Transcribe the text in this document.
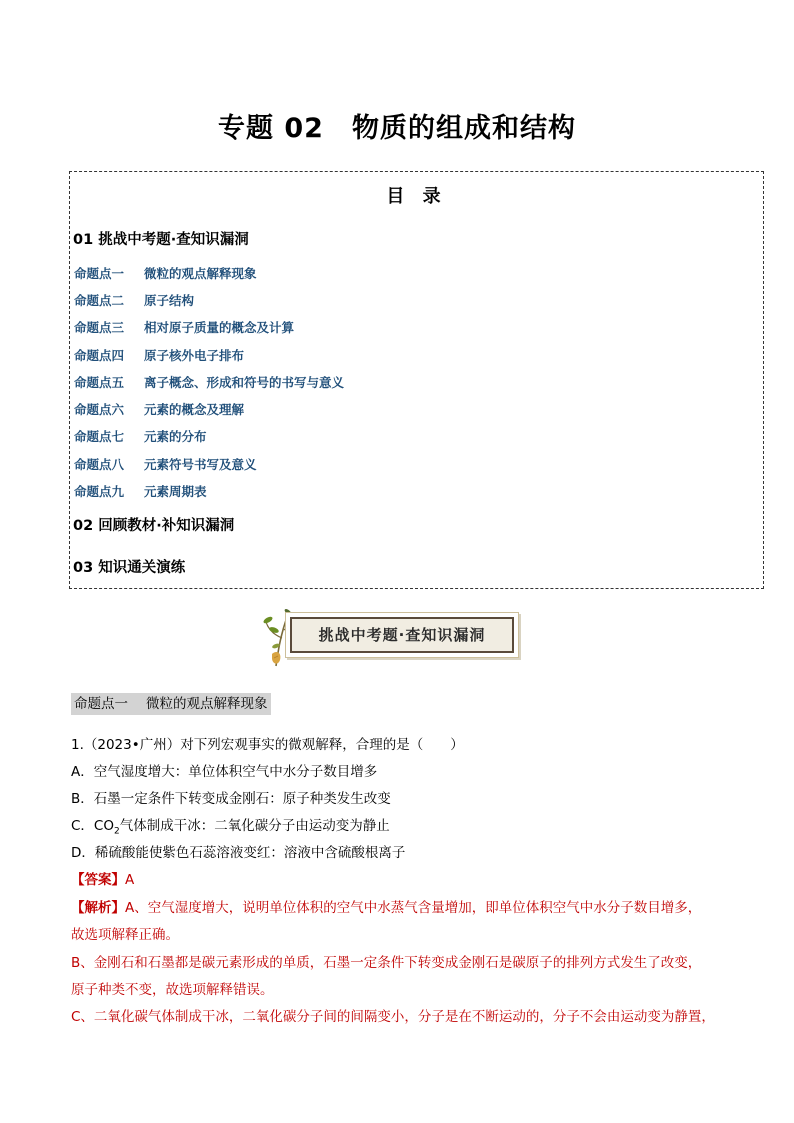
专题 02　物质的组成和结构
目 录
01 挑战中考题·查知识漏洞
命题点一 微粒的观点解释现象
命题点二 原子结构
命题点三 相对原子质量的概念及计算
命题点四 原子核外电子排布
命题点五 离子概念、形成和符号的书写与意义
命题点六 元素的概念及理解
命题点七 元素的分布
命题点八 元素符号书写及意义
命题点九 元素周期表
02 回顾教材·补知识漏洞
03 知识通关演练
挑战中考题·查知识漏洞
命题点一 微粒的观点解释现象
1.（2023•广州）对下列宏观事实的微观解释，合理的是（　　）
A．空气湿度增大：单位体积空气中水分子数目增多
B．石墨一定条件下转变成金刚石：原子种类发生改变
C．$CO_2$气体制成干冰：二氧化碳分子由运动变为静止
D．稀硫酸能使紫色石蕊溶液变红：溶液中含硫酸根离子
【答案】A
【解析】A、空气湿度增大，说明单位体积的空气中水蒸气含量增加，即单位体积空气中水分子数目增多，
故选项解释正确。
B、金刚石和石墨都是碳元素形成的单质，石墨一定条件下转变成金刚石是碳原子的排列方式发生了改变，
原子种类不变，故选项解释错误。
C、二氧化碳气体制成干冰，二氧化碳分子间的间隔变小，分子是在不断运动的，分子不会由运动变为静置，
